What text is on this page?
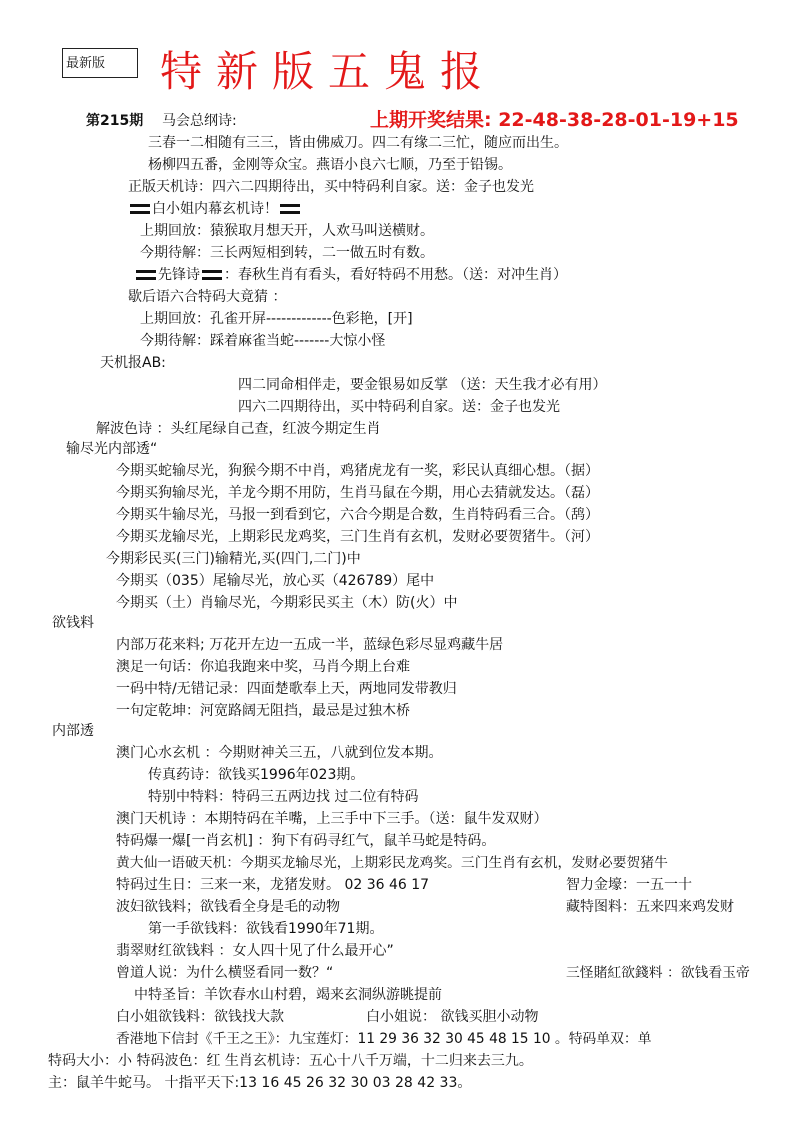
最新版	特新版五鬼报
第215期	上期开奖结果: 22-48-38-28-01-19+15
马会总纲诗:
三春一二相随有三三，皆由佛威刀。四二有缘二三忙，随应而出生。
杨柳四五番，金刚等众宝。燕语小良六七顺，乃至于铅锡。
正版天机诗：四六二四期待出，买中特码利自家。送：金子也发光
白小姐内幕玄机诗！
上期回放：猿猴取月想天开，人欢马叫送横财。
今期待解：三长两短相到转，二一做五时有数。
先锋诗 ：春秋生肖有看头，看好特码不用愁。（送：对冲生肖）
歇后语六合特码大竟猜 ：
上期回放：孔雀开屏-------------色彩艳，[开]
今期待解：踩着麻雀当蛇-------大惊小怪
天机报AB:
四二同命相伴走，要金银易如反掌 （送：天生我才必有用）
四六二四期待出，买中特码利自家。送：金子也发光
解波色诗 ：头红尾绿自己查，红波今期定生肖
输尽光内部透“
今期买蛇输尽光，狗猴今期不中肖，鸡猪虎龙有一奖，彩民认真细心想。（据）
今期买狗输尽光，羊龙今期不用防，生肖马鼠在今期，用心去猜就发达。（磊）
今期买牛输尽光，马报一到看到它，六合今期是合数，生肖特码看三合。（鸹）
今期买龙输尽光，上期彩民龙鸡奖，三门生肖有玄机，发财必要贺猪牛。（河）
今期彩民买(三门)输精光,买(四门,二门)中
今期买（035）尾输尽光，放心买（426789）尾中
今期买（土）肖输尽光，今期彩民买主（木）防(火）中
欲钱料
内部万花来料; 万花开左边一五成一半，蓝绿色彩尽显鸡藏牛居
澳足一句话：你追我跑来中奖，马肖今期上台难
一码中特/无错记录：四面楚歌奉上天，两地同发带教归
一句定乾坤：河宽路阔无阻挡，最忌是过独木桥
内部透
澳门心水玄机 ：今期财神关三五，八就到位发本期。
传真药诗：欲钱买1996年023期。
特别中特料：特码三五两边找 过二位有特码
澳门天机诗 ：本期特码在羊嘴，上三手中下三手。（送：鼠牛发双财）
特码爆一爆[一肖玄机] ：狗下有码寻红气，鼠羊马蛇是特码。
黄大仙一语破天机：今期买龙输尽光，上期彩民龙鸡奖。三门生肖有玄机，发财必要贺猪牛
特码过生日：三来一来，龙猪发财。 02 36 46 17	智力金壕：一五一十
波妇欲钱料；欲钱看全身是毛的动物	藏特图料：五来四来鸡发财
第一手欲钱料：欲钱看1990年71期。
翡翠财红欲钱料 ：女人四十见了什么最开心”
曾道人说：为什么横竖看同一数？“	三怪賭紅欲錢料 ：欲钱看玉帝
中特圣旨：羊饮春水山村碧，竭来玄洞纵游眺提前
白小姐欲钱料：欲钱找大款	白小姐说： 欲钱买胆小动物
香港地下信封《千王之王》：九宝莲灯：11 29 36 32 30 45 48 15 10 。特码单双：单
特码大小：小 特码波色：红 生肖玄机诗：五心十八千万端，十二归来去三九。
主：鼠羊牛蛇马。 十指平天下:13 16 45 26 32 30 03 28 42 33。
